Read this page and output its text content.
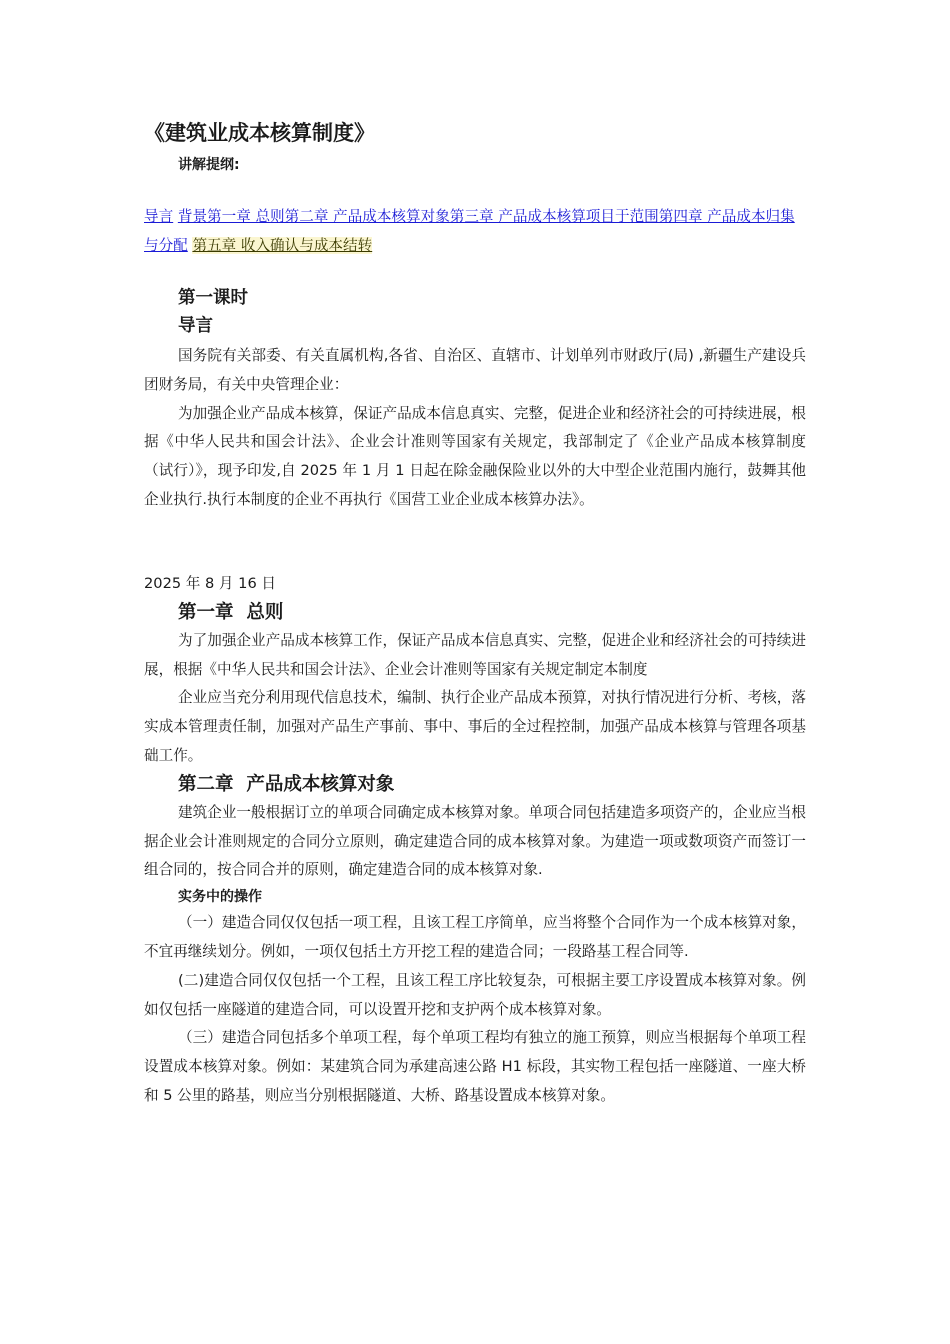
《建筑业成本核算制度》
讲解提纲:
导言 背景第一章 总则第二章 产品成本核算对象第三章 产品成本核算项目于范围第四章 产品成本归集与分配 第五章 收入确认与成本结转
第一课时
导言

国务院有关部委、有关直属机构,各省、自治区、直辖市、计划单列市财政厅(局) ,新疆生产建设兵团财务局，有关中央管理企业：

为加强企业产品成本核算，保证产品成本信息真实、完整，促进企业和经济社会的可持续进展，根据《中华人民共和国会计法》、企业会计准则等国家有关规定，我部制定了《企业产品成本核算制度（试行）》，现予印发,自 2025 年 1 月 1 日起在除金融保险业以外的大中型企业范围内施行，鼓舞其他企业执行.执行本制度的企业不再执行《国营工业企业成本核算办法》。

2025 年 8 月 16 日

第一章  总则

为了加强企业产品成本核算工作，保证产品成本信息真实、完整，促进企业和经济社会的可持续进展，根据《中华人民共和国会计法》、企业会计准则等国家有关规定制定本制度

企业应当充分利用现代信息技术，编制、执行企业产品成本预算，对执行情况进行分析、考核，落实成本管理责任制，加强对产品生产事前、事中、事后的全过程控制，加强产品成本核算与管理各项基础工作。

第二章  产品成本核算对象

建筑企业一般根据订立的单项合同确定成本核算对象。单项合同包括建造多项资产的，企业应当根据企业会计准则规定的合同分立原则，确定建造合同的成本核算对象。为建造一项或数项资产而签订一组合同的，按合同合并的原则，确定建造合同的成本核算对象.

实务中的操作

（一）建造合同仅仅包括一项工程，且该工程工序简单，应当将整个合同作为一个成本核算对象，不宜再继续划分。例如，一项仅包括土方开挖工程的建造合同；一段路基工程合同等.

(二)建造合同仅仅包括一个工程，且该工程工序比较复杂，可根据主要工序设置成本核算对象。例如仅包括一座隧道的建造合同，可以设置开挖和支护两个成本核算对象。

（三）建造合同包括多个单项工程，每个单项工程均有独立的施工预算，则应当根据每个单项工程设置成本核算对象。例如：某建筑合同为承建高速公路 H1 标段，其实物工程包括一座隧道、一座大桥和 5 公里的路基，则应当分别根据隧道、大桥、路基设置成本核算对象。
